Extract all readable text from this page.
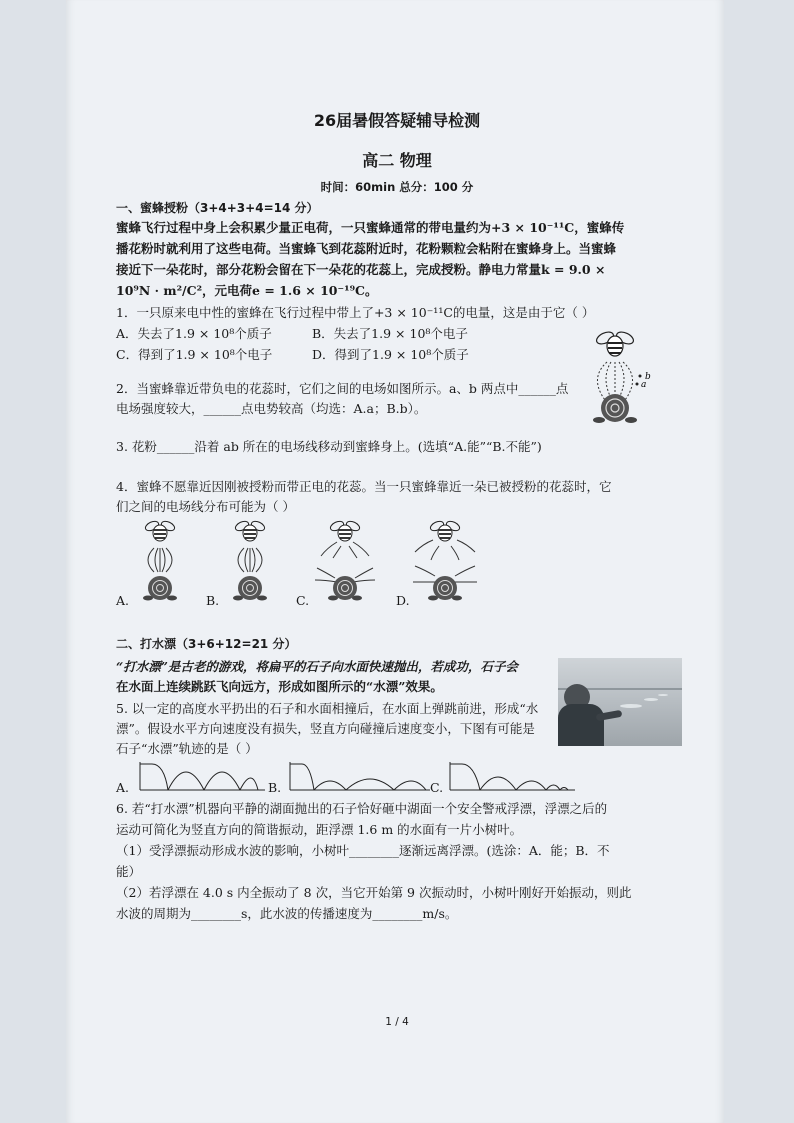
26届暑假答疑辅导检测
高二 物理
时间：60min 总分：100 分
一、蜜蜂授粉（3+4+3+4=14 分）
蜜蜂飞行过程中身上会积累少量正电荷，一只蜜蜂通常的带电量约为+3 × 10⁻¹¹C，蜜蜂传
播花粉时就利用了这些电荷。当蜜蜂飞到花蕊附近时，花粉颗粒会粘附在蜜蜂身上。当蜜蜂
接近下一朵花时，部分花粉会留在下一朵花的花蕊上，完成授粉。静电力常量k = 9.0 ×
10⁹N · m²/C²，元电荷e = 1.6 × 10⁻¹⁹C。
1．一只原来电中性的蜜蜂在飞行过程中带上了+3 × 10⁻¹¹C的电量，这是由于它（ ）
A．失去了1.9 × 10⁸个质子	B．失去了1.9 × 10⁸个电子
C．得到了1.9 × 10⁸个电子	D．得到了1.9 × 10⁸个质子
b
a
2．当蜜蜂靠近带负电的花蕊时，它们之间的电场如图所示。a、b 两点中______点
电场强度较大，______点电势较高（均选：A.a；B.b）。
3. 花粉______沿着 ab 所在的电场线移动到蜜蜂身上。(选填“A.能”“B.不能”)
4．蜜蜂不愿靠近因刚被授粉而带正电的花蕊。当一只蜜蜂靠近一朵已被授粉的花蕊时，它
们之间的电场线分布可能为（ ）
A.	B.	C.	D.
二、打水漂（3+6+12=21 分）
“打水漂”是古老的游戏，将扁平的石子向水面快速抛出，若成功，石子会
在水面上连续跳跃飞向远方，形成如图所示的“水漂”效果。
5. 以一定的高度水平扔出的石子和水面相撞后，在水面上弹跳前进，形成“水
漂”。假设水平方向速度没有损失，竖直方向碰撞后速度变小，下图有可能是
石子“水漂”轨迹的是（ ）
A.	B.	C.
6. 若“打水漂”机器向平静的湖面抛出的石子恰好砸中湖面一个安全警戒浮漂，浮漂之后的
运动可简化为竖直方向的简谐振动，距浮漂 1.6 m 的水面有一片小树叶。
（1）受浮漂振动形成水波的影响，小树叶________逐渐远离浮漂。(选涂：A．能；B．不
能）
（2）若浮漂在 4.0 s 内全振动了 8 次，当它开始第 9 次振动时，小树叶刚好开始振动，则此
水波的周期为________s，此水波的传播速度为________m/s。
1 / 4
